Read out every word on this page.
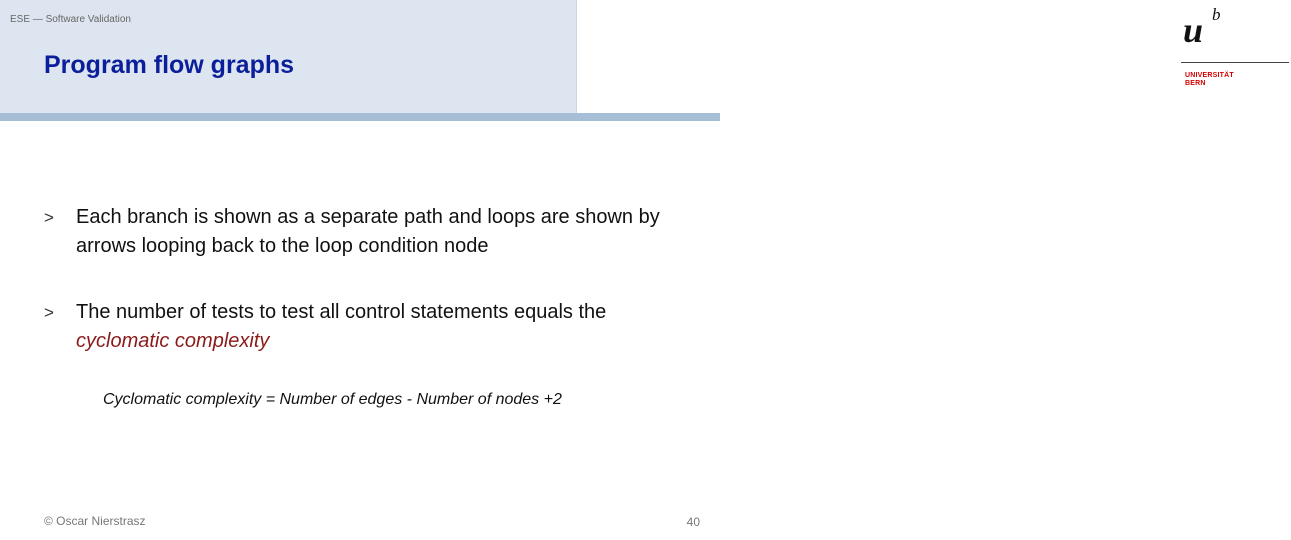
ESE — Software Validation
Program flow graphs
u b
UNIVERSITÄT
BERN
> Each branch is shown as a separate path and loops are shown by arrows looping back to the loop condition node
> The number of tests to test all control statements equals the cyclomatic complexity
Cyclomatic complexity = Number of edges - Number of nodes +2
© Oscar Nierstrasz	40
